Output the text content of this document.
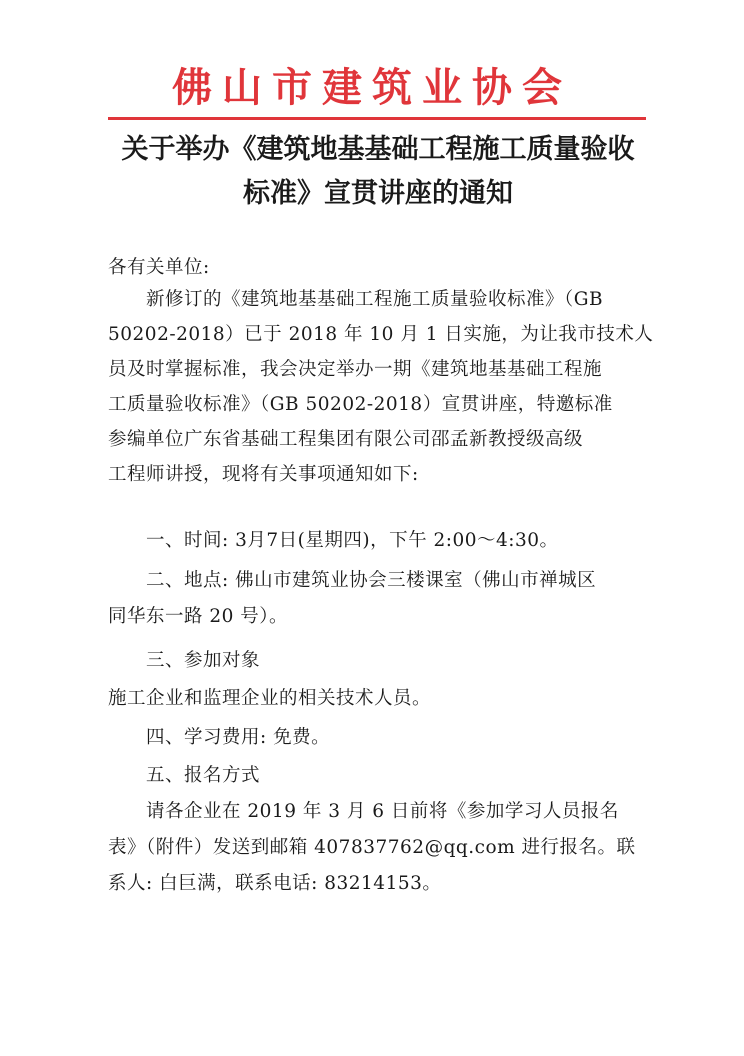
佛山市建筑业协会
关于举办《建筑地基基础工程施工质量验收
标准》宣贯讲座的通知
各有关单位:
新修订的《建筑地基基础工程施工质量验收标准》（GB
50202-2018）已于 2018 年 10 月 1 日实施，为让我市技术人
员及时掌握标准，我会决定举办一期《建筑地基基础工程施
工质量验收标准》（GB 50202-2018）宣贯讲座，特邀标准
参编单位广东省基础工程集团有限公司邵孟新教授级高级
工程师讲授，现将有关事项通知如下:
一、时间: 3月7日(星期四)，下午 2:00～4:30。
二、地点: 佛山市建筑业协会三楼课室（佛山市禅城区
同华东一路 20 号）。
三、参加对象
施工企业和监理企业的相关技术人员。
四、学习费用: 免费。
五、报名方式
请各企业在 2019 年 3 月 6 日前将《参加学习人员报名
表》（附件）发送到邮箱 407837762@qq.com 进行报名。联
系人: 白巨满，联系电话: 83214153。
